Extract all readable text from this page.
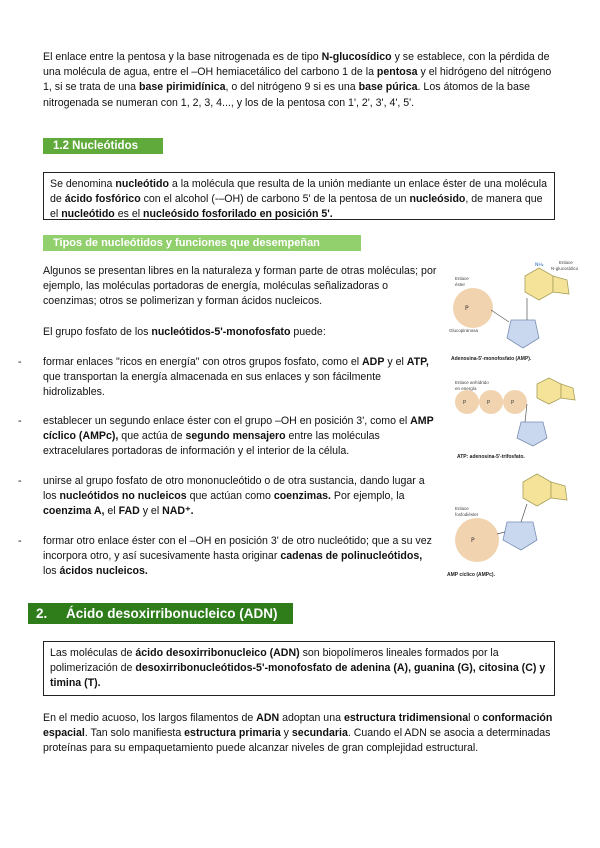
El enlace entre la pentosa y la base nitrogenada es de tipo N-glucosídico y se establece, con la pérdida de una molécula de agua, entre el –OH hemiacetálico del carbono 1 de la pentosa y el hidrógeno del nitrógeno 1, si se trata de una base pirimidínica, o del nitrógeno 9 si es una base púrica. Los átomos de la base nitrogenada se numeran con 1, 2, 3, 4..., y los de la pentosa con 1', 2', 3', 4', 5'.

1.2 Nucleótidos

Se denomina nucleótido a la molécula que resulta de la unión mediante un enlace éster de una molécula de ácido fosfórico con el alcohol (-–OH) de carbono 5' de la pentosa de un nucleósido, de manera que el nucleótido es el nucleósido fosforilado en posición 5'.

Tipos de nucleótidos y funciones que desempeñan

Algunos se presentan libres en la naturaleza y forman parte de otras moléculas; por ejemplo, las moléculas portadoras de energía, moléculas señalizadoras o coenzimas; otros se polimerizan y forman ácidos nucleicos.

El grupo fosfato de los nucleótidos-5'-monofosfato puede:

- formar enlaces "ricos en energía" con otros grupos fosfato, como el ADP y el ATP, que transportan la energía almacenada en sus enlaces y son fácilmente hidrolizables.

- establecer un segundo enlace éster con el grupo –OH en posición 3', como el AMP cíclico (AMPc), que actúa de segundo mensajero entre las moléculas extracelulares portadoras de información y el interior de la célula.

- unirse al grupo fosfato de otro mononucleótido o de otra sustancia, dando lugar a los nucleótidos no nucleicos que actúan como coenzimas. Por ejemplo, la coenzima A, el FAD y el NAD⁺.

- formar otro enlace éster con el –OH en posición 3' de otro nucleótido; que a su vez incorpora otro, y así sucesivamente hasta originar cadenas de polinucleótidos, los ácidos nucleicos.

P
NH₂
Enlace
éster
Enlace
N-glucosídico
Glucopiranosa
Adenosina-5'-monofosfato (AMP).
P	P	P
Enlace anhídrido
en energía
ATP: adenosina-5'-trifosfato.
P
Enlace
fosfodiéster
AMP cíclico (AMPc).
2. Ácido desoxirribonucleico (ADN)

Las moléculas de ácido desoxirribonucleico (ADN) son biopolímeros lineales formados por la polimerización de desoxirribonucleótidos-5'-monofosfato de adenina (A), guanina (G), citosina (C) y timina (T).

En el medio acuoso, los largos filamentos de ADN adoptan una estructura tridimensional o conformación espacial. Tan solo manifiesta estructura primaria y secundaria. Cuando el ADN se asocia a determinadas proteínas para su empaquetamiento puede alcanzar niveles de gran complejidad estructural.
